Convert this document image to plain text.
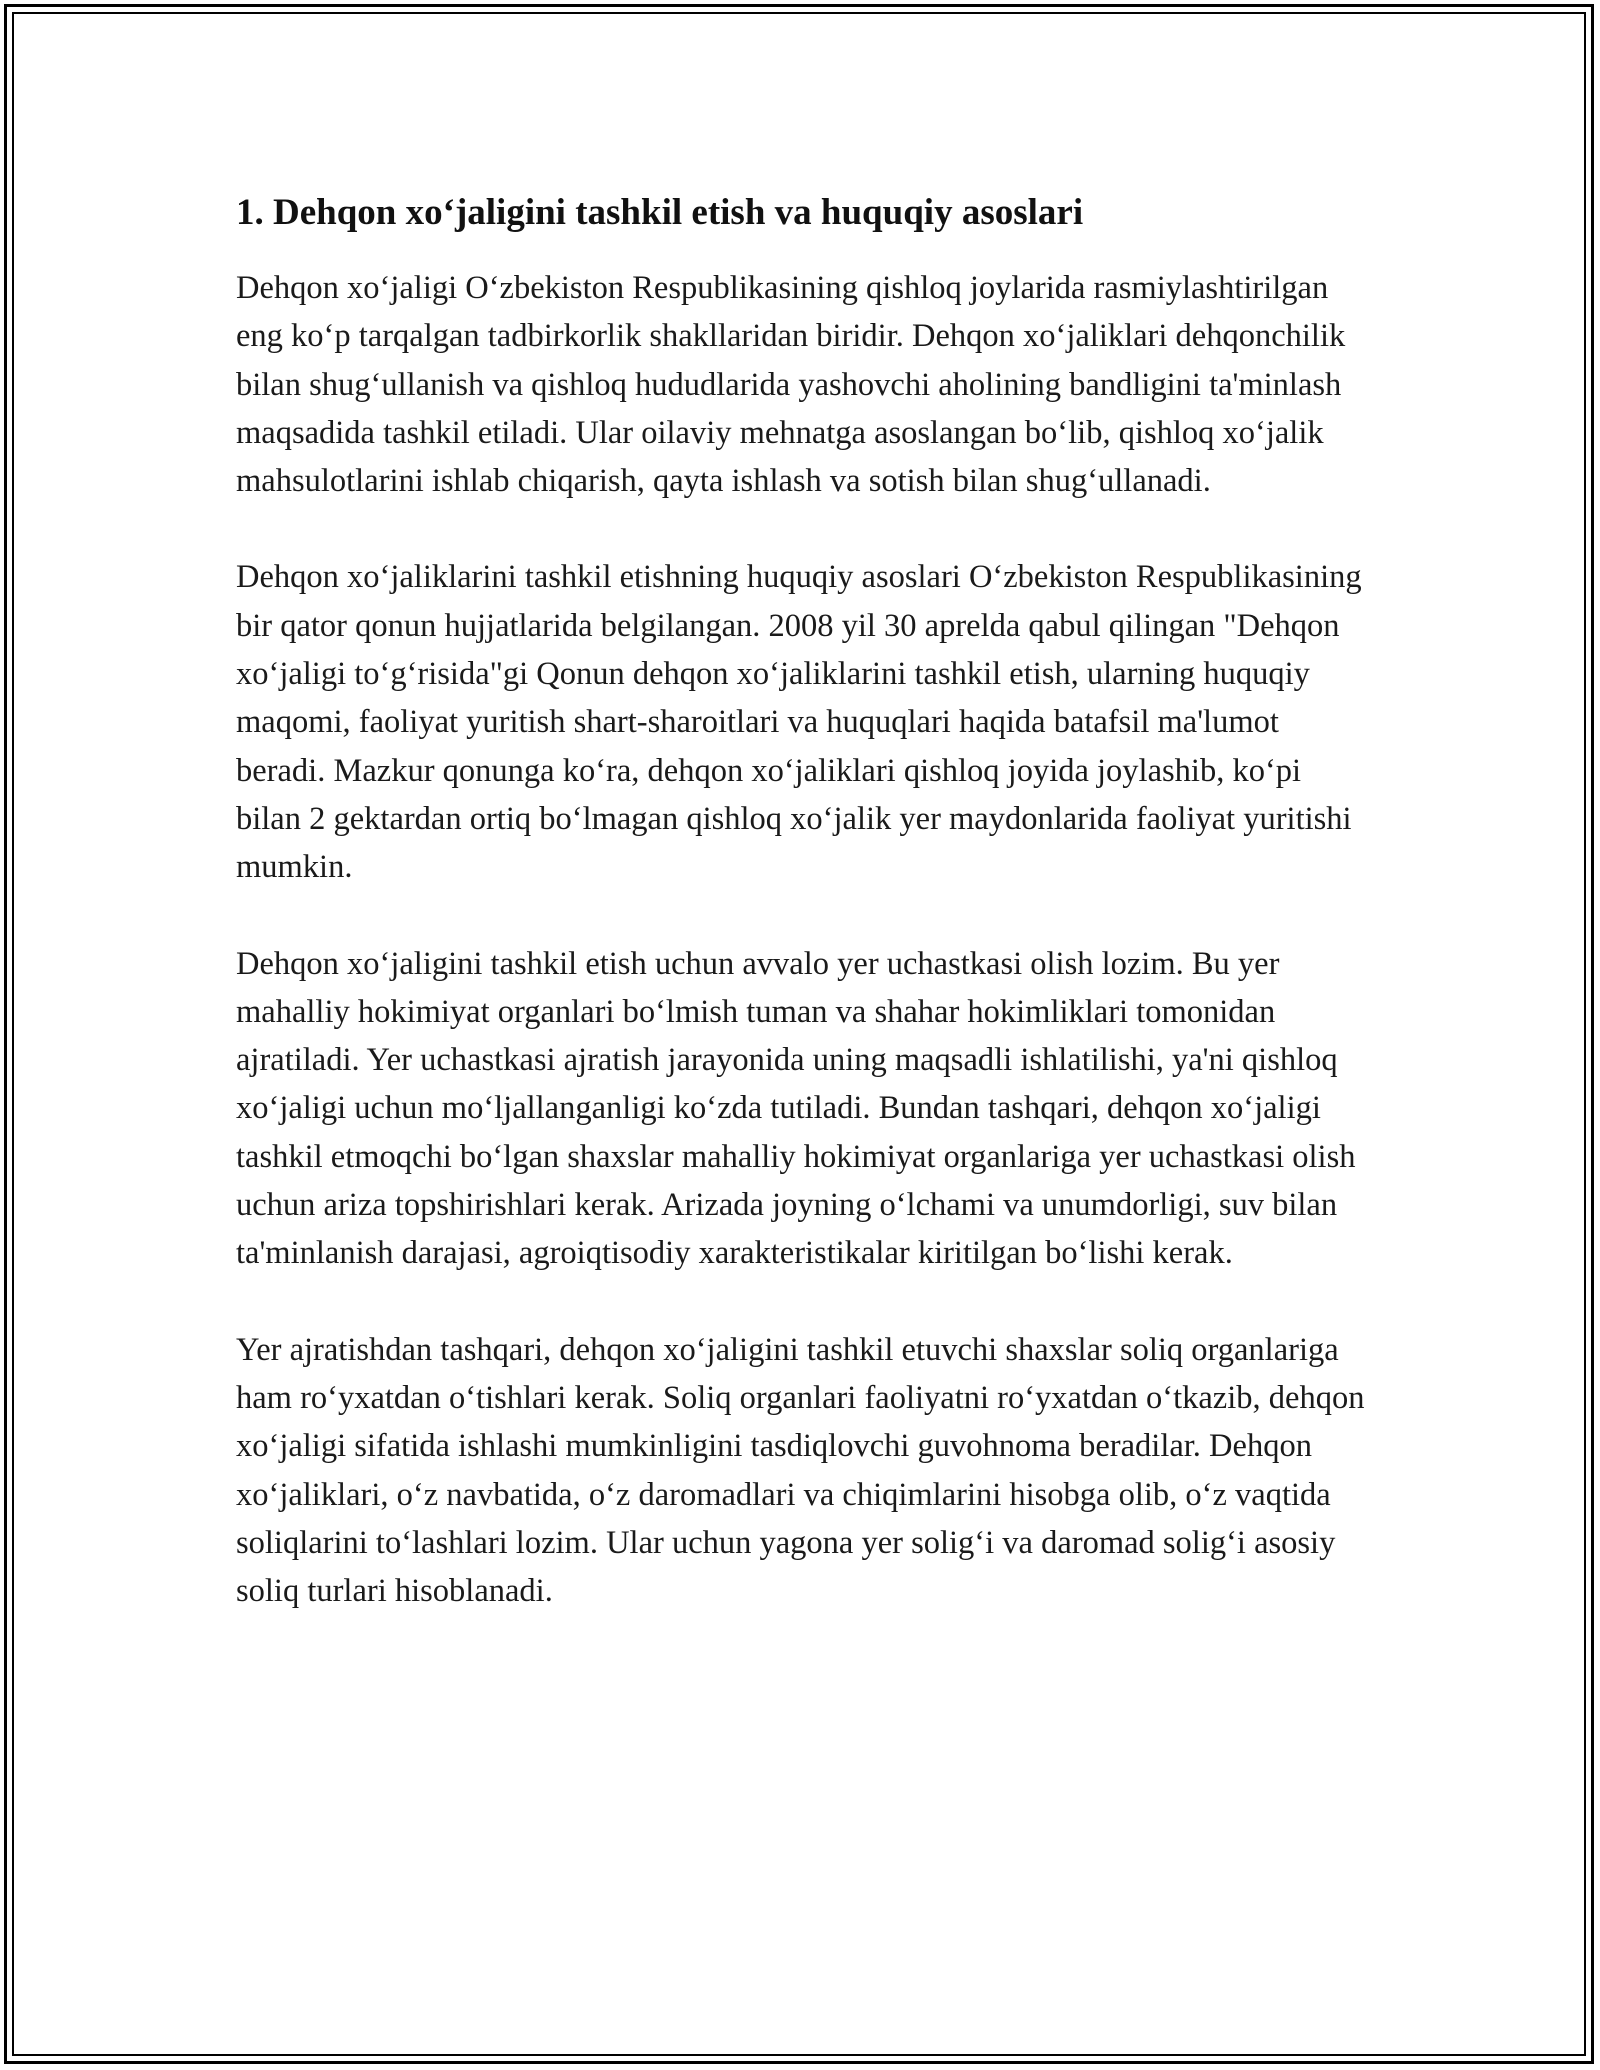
1. Dehqon xoʻjaligini tashkil etish va huquqiy asoslari

Dehqon xoʻjaligi Oʻzbekiston Respublikasining qishloq joylarida rasmiylashtirilgan eng koʻp tarqalgan tadbirkorlik shakllaridan biridir. Dehqon xoʻjaliklari dehqonchilik bilan shugʻullanish va qishloq hududlarida yashovchi aholining bandligini ta'minlash maqsadida tashkil etiladi. Ular oilaviy mehnatga asoslangan boʻlib, qishloq xoʻjalik mahsulotlarini ishlab chiqarish, qayta ishlash va sotish bilan shugʻullanadi.

Dehqon xoʻjaliklarini tashkil etishning huquqiy asoslari Oʻzbekiston Respublikasining bir qator qonun hujjatlarida belgilangan. 2008 yil 30 aprelda qabul qilingan "Dehqon xoʻjaligi toʻgʻrisida"gi Qonun dehqon xoʻjaliklarini tashkil etish, ularning huquqiy maqomi, faoliyat yuritish shart-sharoitlari va huquqlari haqida batafsil ma'lumot beradi. Mazkur qonunga koʻra, dehqon xoʻjaliklari qishloq joyida joylashib, koʻpi bilan 2 gektardan ortiq boʻlmagan qishloq xoʻjalik yer maydonlarida faoliyat yuritishi mumkin.

Dehqon xoʻjaligini tashkil etish uchun avvalo yer uchastkasi olish lozim. Bu yer mahalliy hokimiyat organlari boʻlmish tuman va shahar hokimliklari tomonidan ajratiladi. Yer uchastkasi ajratish jarayonida uning maqsadli ishlatilishi, ya'ni qishloq xoʻjaligi uchun moʻljallanganligi koʻzda tutiladi. Bundan tashqari, dehqon xoʻjaligi tashkil etmoqchi boʻlgan shaxslar mahalliy hokimiyat organlariga yer uchastkasi olish uchun ariza topshirishlari kerak. Arizada joyning oʻlchami va unumdorligi, suv bilan ta'minlanish darajasi, agroiqtisodiy xarakteristikalar kiritilgan boʻlishi kerak.

Yer ajratishdan tashqari, dehqon xoʻjaligini tashkil etuvchi shaxslar soliq organlariga ham roʻyxatdan oʻtishlari kerak. Soliq organlari faoliyatni roʻyxatdan oʻtkazib, dehqon xoʻjaligi sifatida ishlashi mumkinligini tasdiqlovchi guvohnoma beradilar. Dehqon xoʻjaliklari, oʻz navbatida, oʻz daromadlari va chiqimlarini hisobga olib, oʻz vaqtida soliqlarini toʻlashlari lozim. Ular uchun yagona yer soligʻi va daromad soligʻi asosiy soliq turlari hisoblanadi.
